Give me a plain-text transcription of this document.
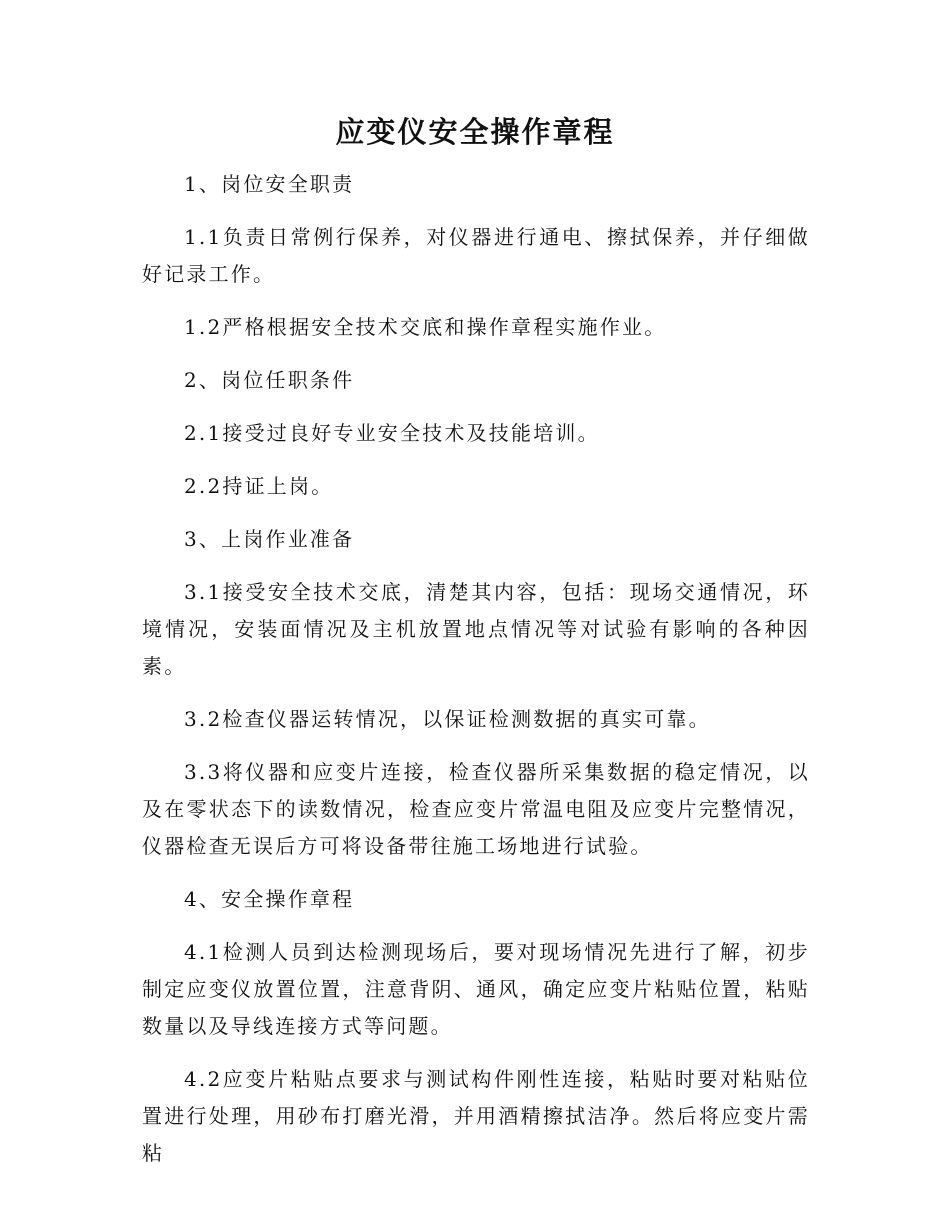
应变仪安全操作章程

1、岗位安全职责

1.1负责日常例行保养，对仪器进行通电、擦拭保养，并仔细做好记录工作。

1.2严格根据安全技术交底和操作章程实施作业。

2、岗位任职条件

2.1接受过良好专业安全技术及技能培训。

2.2持证上岗。

3、上岗作业准备

3.1接受安全技术交底，清楚其内容，包括：现场交通情况，环境情况，安装面情况及主机放置地点情况等对试验有影响的各种因素。

3.2检查仪器运转情况，以保证检测数据的真实可靠。

3.3将仪器和应变片连接，检查仪器所采集数据的稳定情况，以及在零状态下的读数情况，检查应变片常温电阻及应变片完整情况，仪器检查无误后方可将设备带往施工场地进行试验。

4、安全操作章程

4.1检测人员到达检测现场后，要对现场情况先进行了解，初步制定应变仪放置位置，注意背阴、通风，确定应变片粘贴位置，粘贴数量以及导线连接方式等问题。

4.2应变片粘贴点要求与测试构件刚性连接，粘贴时要对粘贴位置进行处理，用砂布打磨光滑，并用酒精擦拭洁净。然后将应变片需粘
